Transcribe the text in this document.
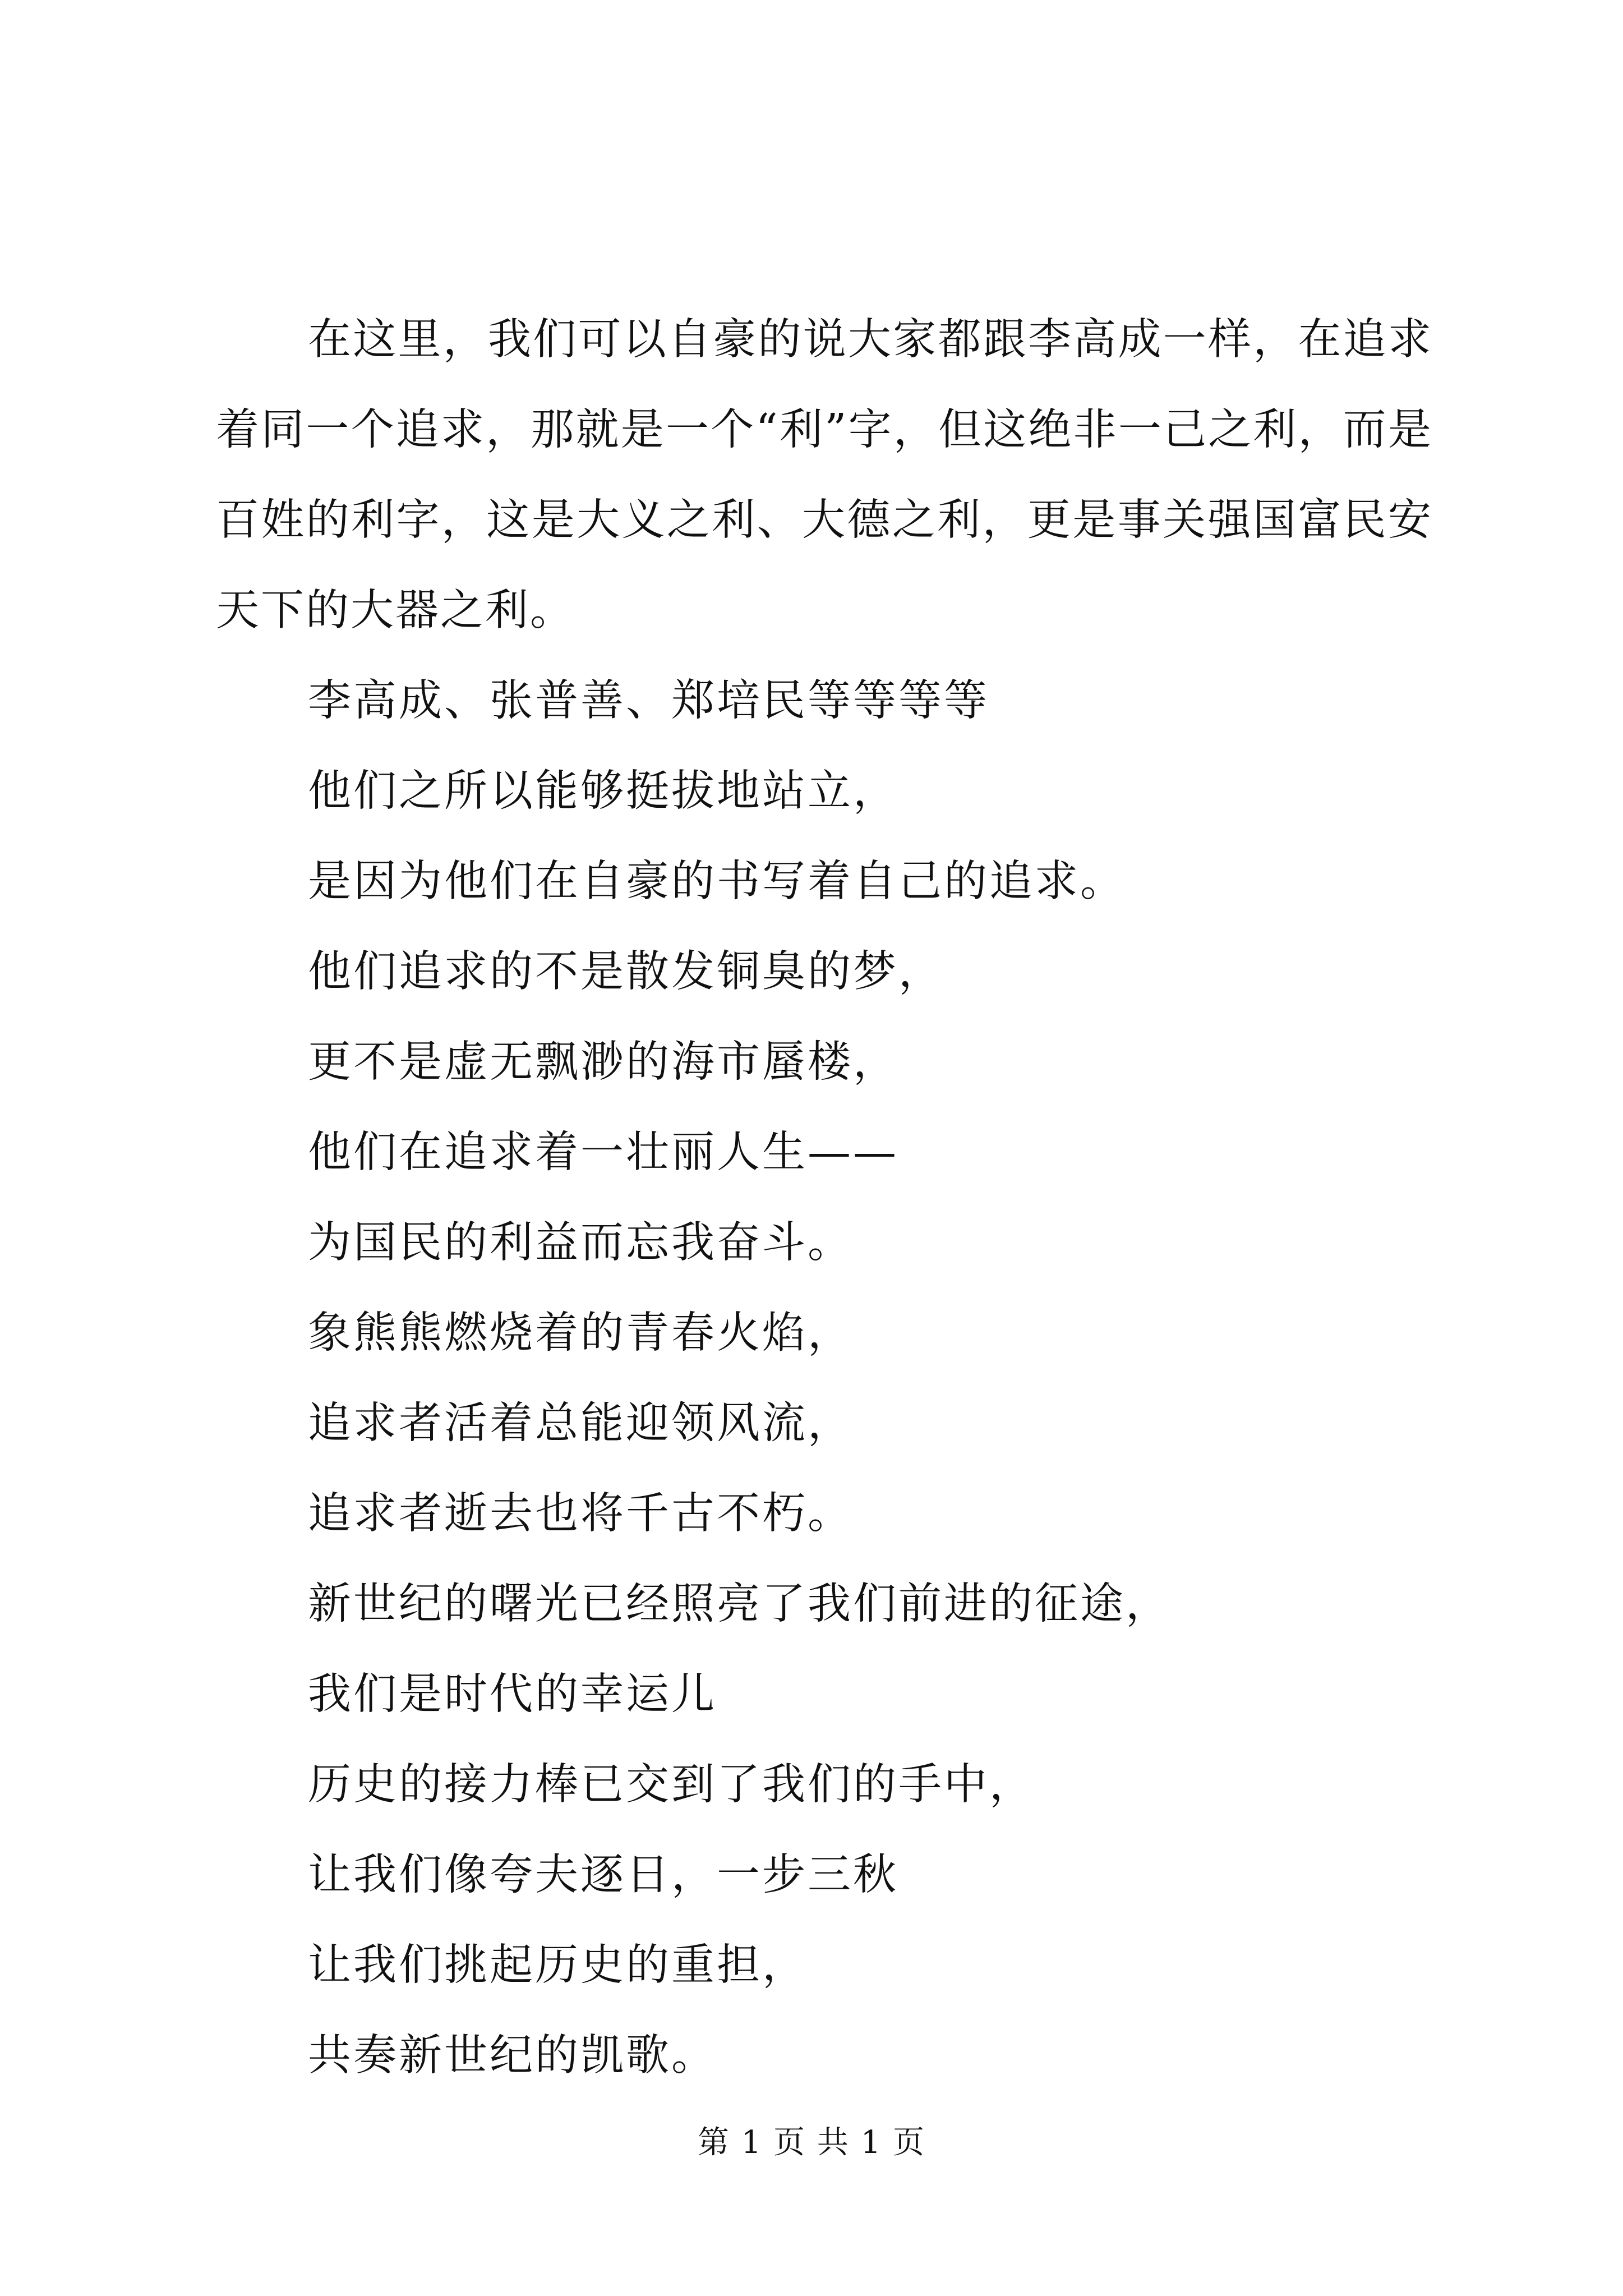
在这里，我们可以自豪的说大家都跟李高成一样，在追求着同一个追求，那就是一个“利”字，但这绝非一己之利，而是百姓的利字，这是大义之利、大德之利，更是事关强国富民安天下的大器之利。

李高成、张普善、郑培民等等等等

他们之所以能够挺拔地站立，

是因为他们在自豪的书写着自己的追求。

他们追求的不是散发铜臭的梦，

更不是虚无飘渺的海市蜃楼，

他们在追求着一壮丽人生——

为国民的利益而忘我奋斗。

象熊熊燃烧着的青春火焰，

追求者活着总能迎领风流，

追求者逝去也将千古不朽。

新世纪的曙光已经照亮了我们前进的征途，

我们是时代的幸运儿

历史的接力棒已交到了我们的手中，

让我们像夸夫逐日，一步三秋

让我们挑起历史的重担，

共奏新世纪的凯歌。

第 1 页 共 1 页
